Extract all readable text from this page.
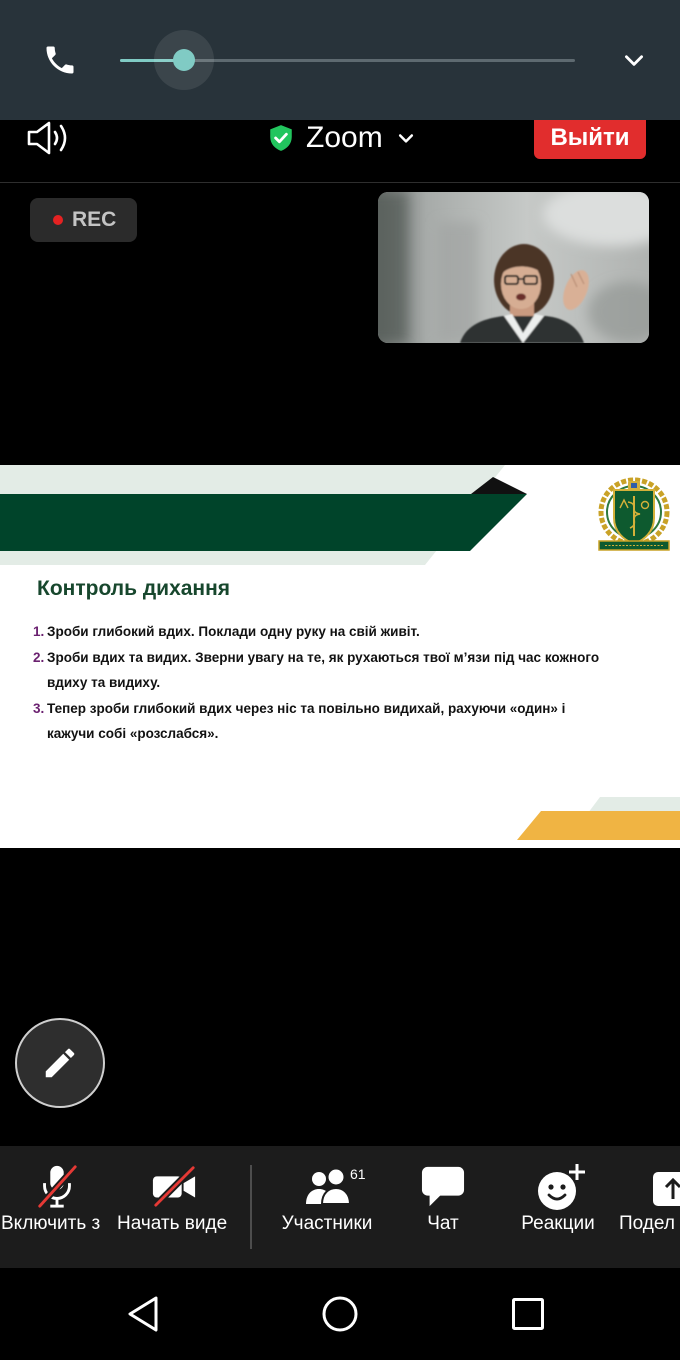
Zoom	Выйти
REC
Контроль дихання
1. Зроби глибокий вдих. Поклади одну руку на свій живіт.
2. Зроби вдих та видих. Зверни увагу на те, як рухаються твої м’язи під час кожного
вдиху та видиху.
3. Тепер зроби глибокий вдих через ніс та повільно видихай, рахуючи «один» і
кажучи собі «розслабся».
Включить з Начать виде
61
Участники	Чат	Реакции	Подел
